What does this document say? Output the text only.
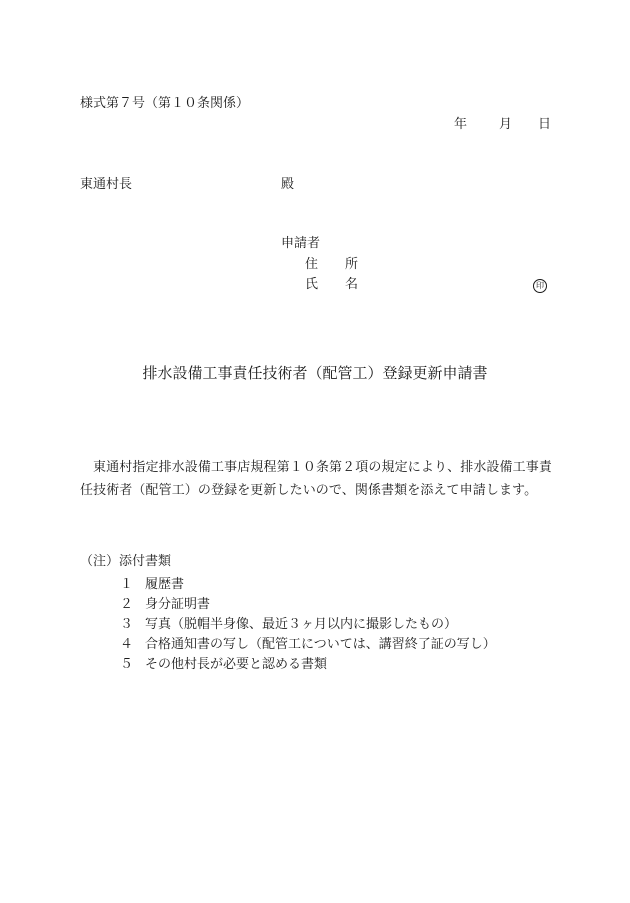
様式第７号（第１０条関係）
年 月 日
東通村長	殿
申請者
住 所
氏 名	印
排水設備工事責任技術者（配管工）登録更新申請書
東通村指定排水設備工事店規程第１０条第２項の規定により、排水設備工事責任技術者（配管工）の登録を更新したいので、関係書類を添えて申請します。
（注）添付書類
１ 履歴書
２ 身分証明書
３ 写真（脱帽半身像、最近３ヶ月以内に撮影したもの）
４ 合格通知書の写し（配管工については、講習終了証の写し）
５ その他村長が必要と認める書類
